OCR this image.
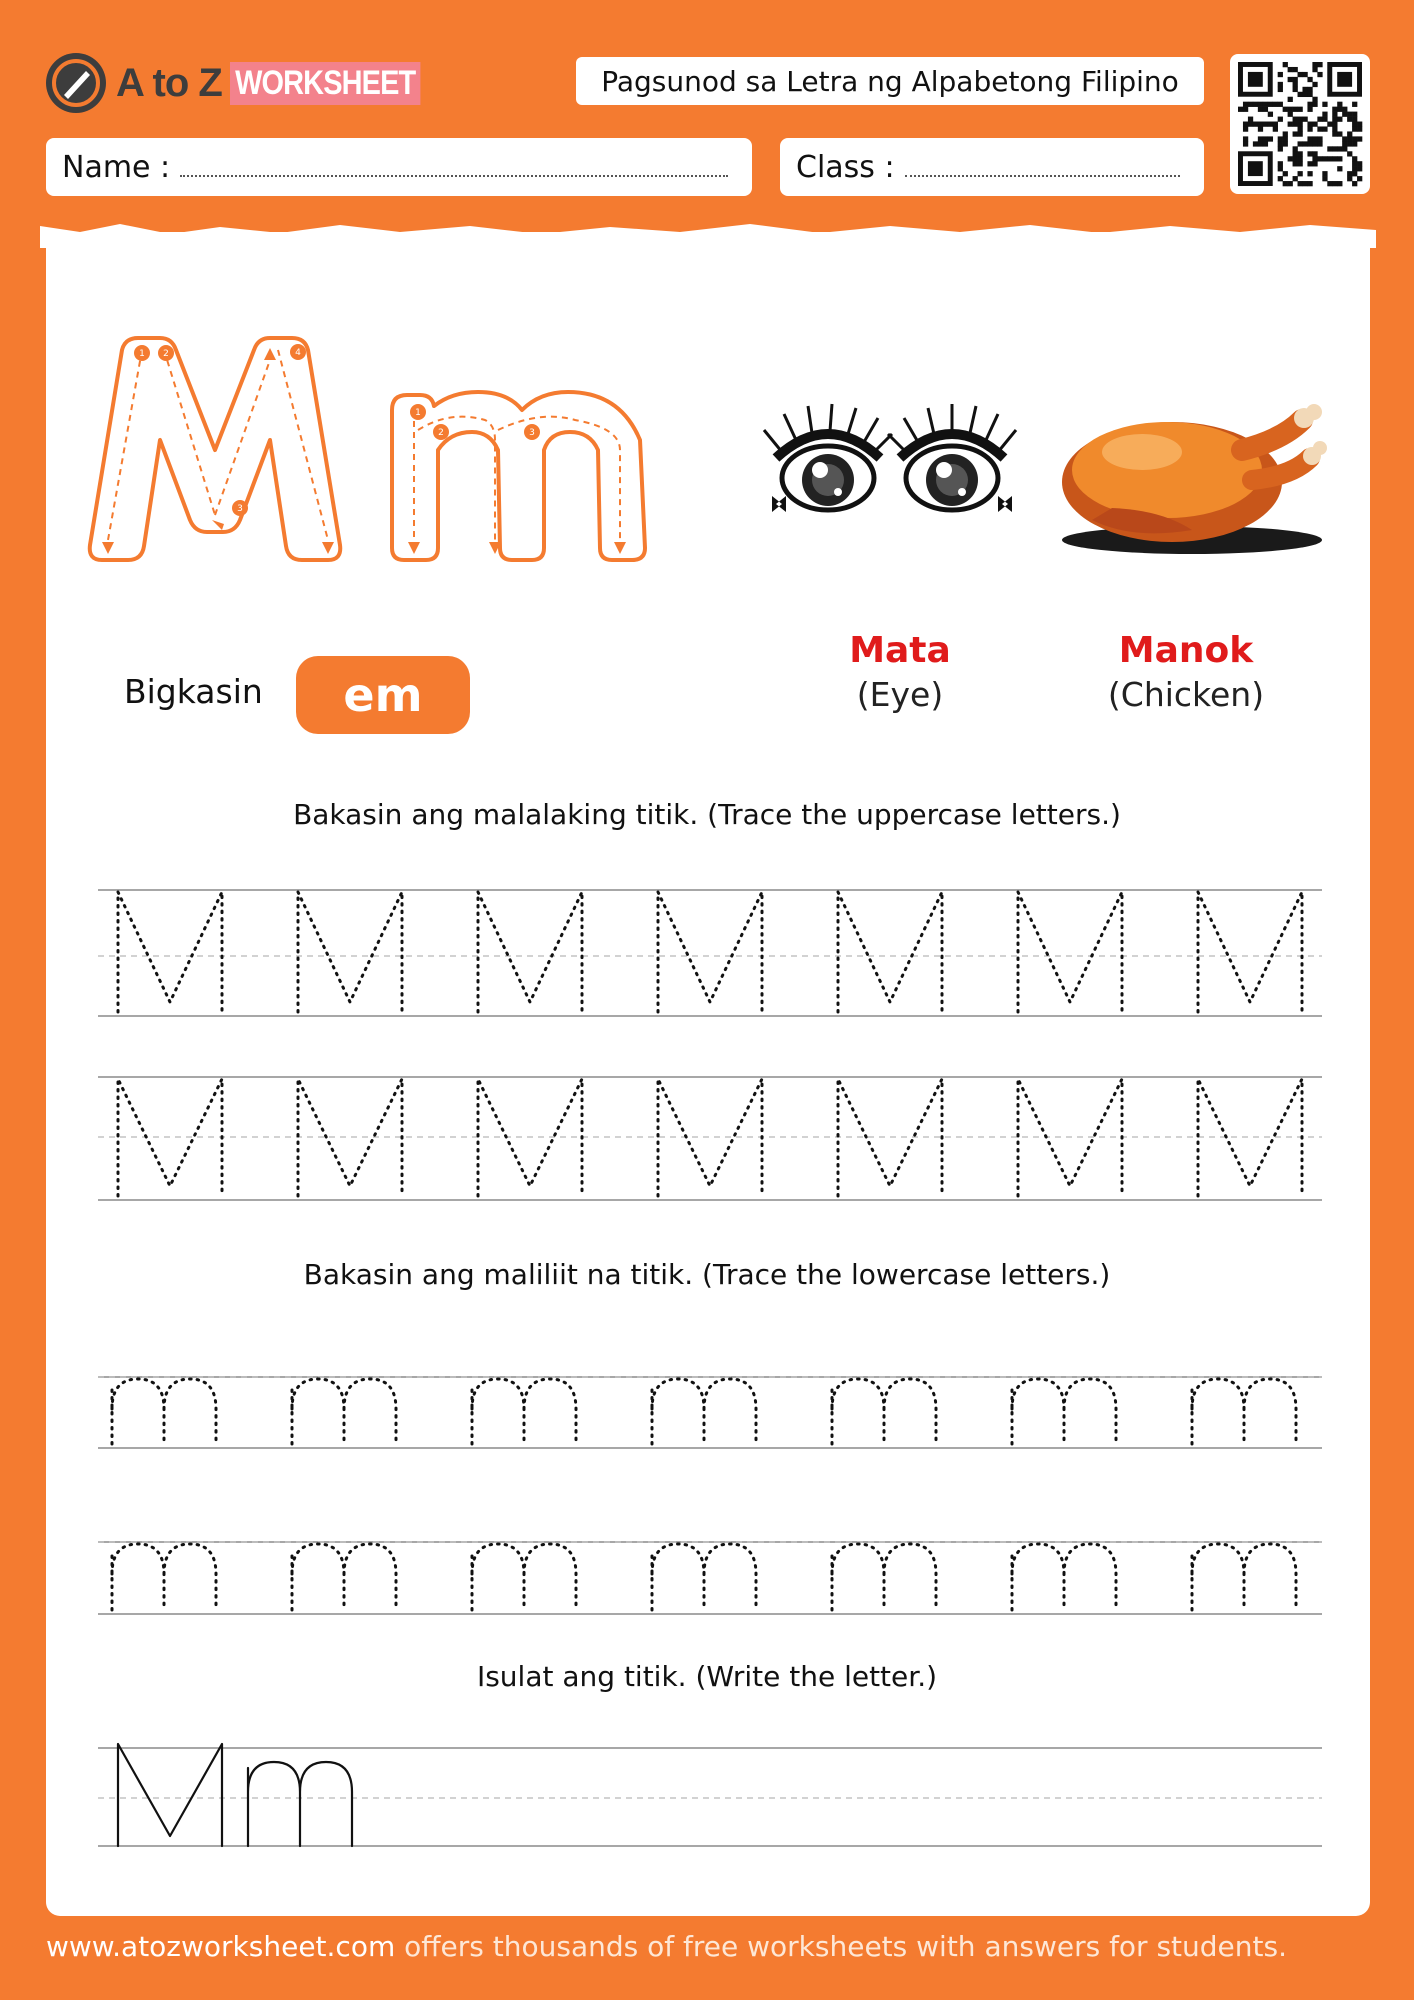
A to Z WORKSHEET	Pagsunod sa Letra ng Alpabetong Filipino
Name :	Class :
1 2
3
4
1
2	3
Bigkasin	em
Mata
(Eye)
Manok
(Chicken)
Bakasin ang malalaking titik. (Trace the uppercase letters.)
Bakasin ang maliliit na titik. (Trace the lowercase letters.)
Isulat ang titik. (Write the letter.)
www.atozworksheet.com offers thousands of free worksheets with answers for students.
